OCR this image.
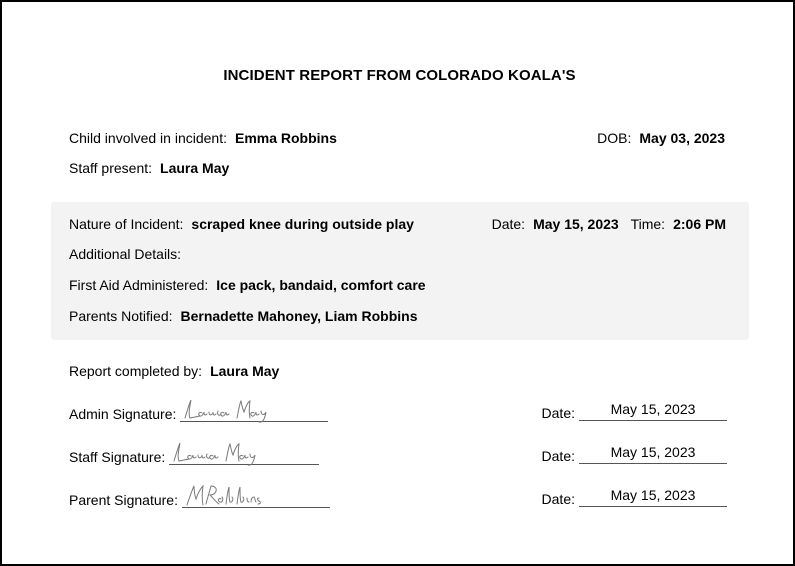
INCIDENT REPORT FROM COLORADO KOALA'S
Child involved in incident: Emma Robbins	DOB: May 03, 2023
Staff present: Laura May
Nature of Incident: scraped knee during outside play	Date: May 15, 2023 Time: 2:06 PM
Additional Details:
First Aid Administered: Ice pack, bandaid, comfort care
Parents Notified: Bernadette Mahoney, Liam Robbins
Report completed by: Laura May
Admin Signature:	Date:	May 15, 2023
Staff Signature:	Date:	May 15, 2023
Parent Signature:	Date:	May 15, 2023
